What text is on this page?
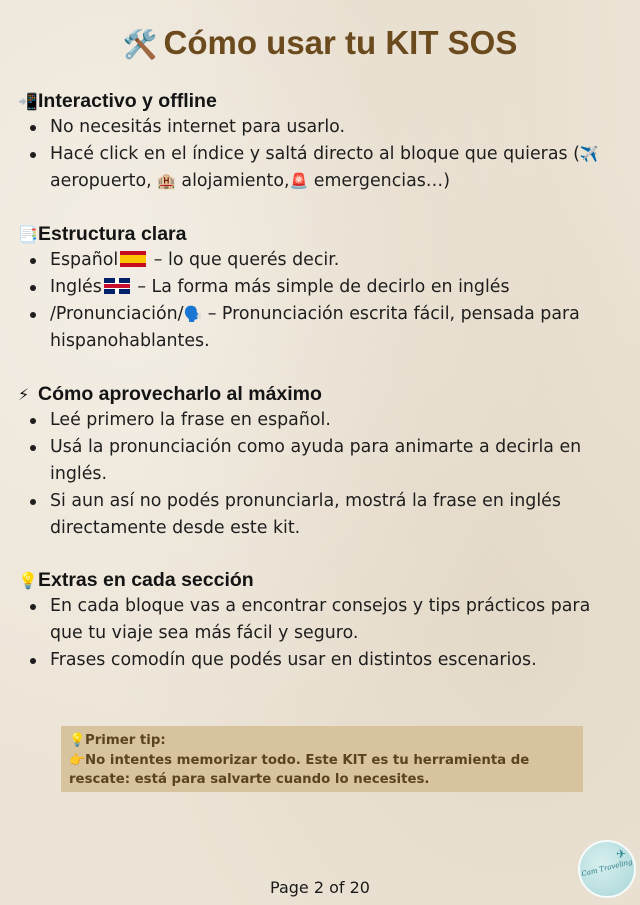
🛠️ Cómo usar tu KIT SOS
📲Interactivo y offline
No necesitás internet para usarlo.
Hacé click en el índice y saltá directo al bloque que quieras (✈️ aeropuerto, 🏨 alojamiento,🚨 emergencias…)
📑Estructura clara
Español – lo que querés decir.
Inglés – La forma más simple de decirlo en inglés
/Pronunciación/🗣️ – Pronunciación escrita fácil, pensada para hispanohablantes.
⚡ Cómo aprovecharlo al máximo
Leé primero la frase en español.
Usá la pronunciación como ayuda para animarte a decirla en inglés.
Si aun así no podés pronunciarla, mostrá la frase en inglés directamente desde este kit.
💡Extras en cada sección
En cada bloque vas a encontrar consejos y tips prácticos para que tu viaje sea más fácil y seguro.
Frases comodín que podés usar en distintos escenarios.
💡Primer tip:
👉No intentes memorizar todo. Este KIT es tu herramienta de rescate: está para salvarte cuando lo necesites.
✈
Cam Traveling
Page 2 of 20
